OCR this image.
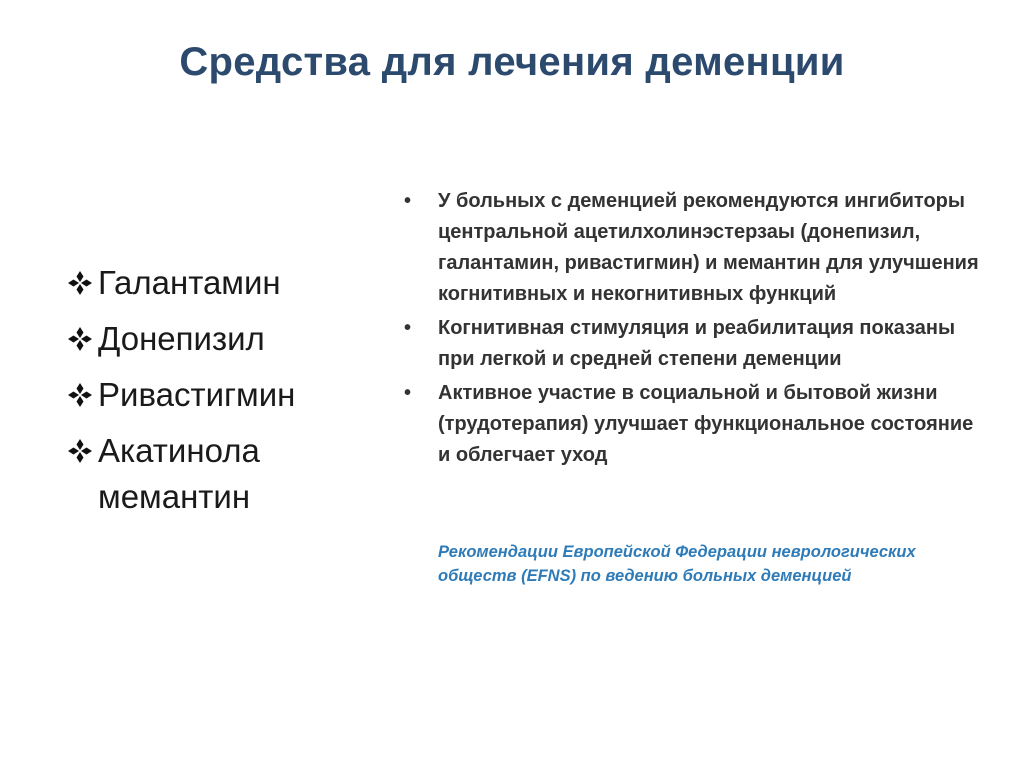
Средства для лечения деменции
Галантамин
Донепизил
Ривастигмин
Акатинола мемантин
•	У больных с деменцией рекомендуются ингибиторы центральной ацетилхолинэстерзаы (донепизил, галантамин, ривастигмин) и мемантин для улучшения когнитивных и некогнитивных функций
•	Когнитивная стимуляция и реабилитация показаны при легкой и средней степени деменции
•	Активное участие в социальной и бытовой жизни (трудотерапия) улучшает функциональное состояние и облегчает уход
Рекомендации Европейской Федерации неврологических обществ (EFNS) по ведению больных деменцией
